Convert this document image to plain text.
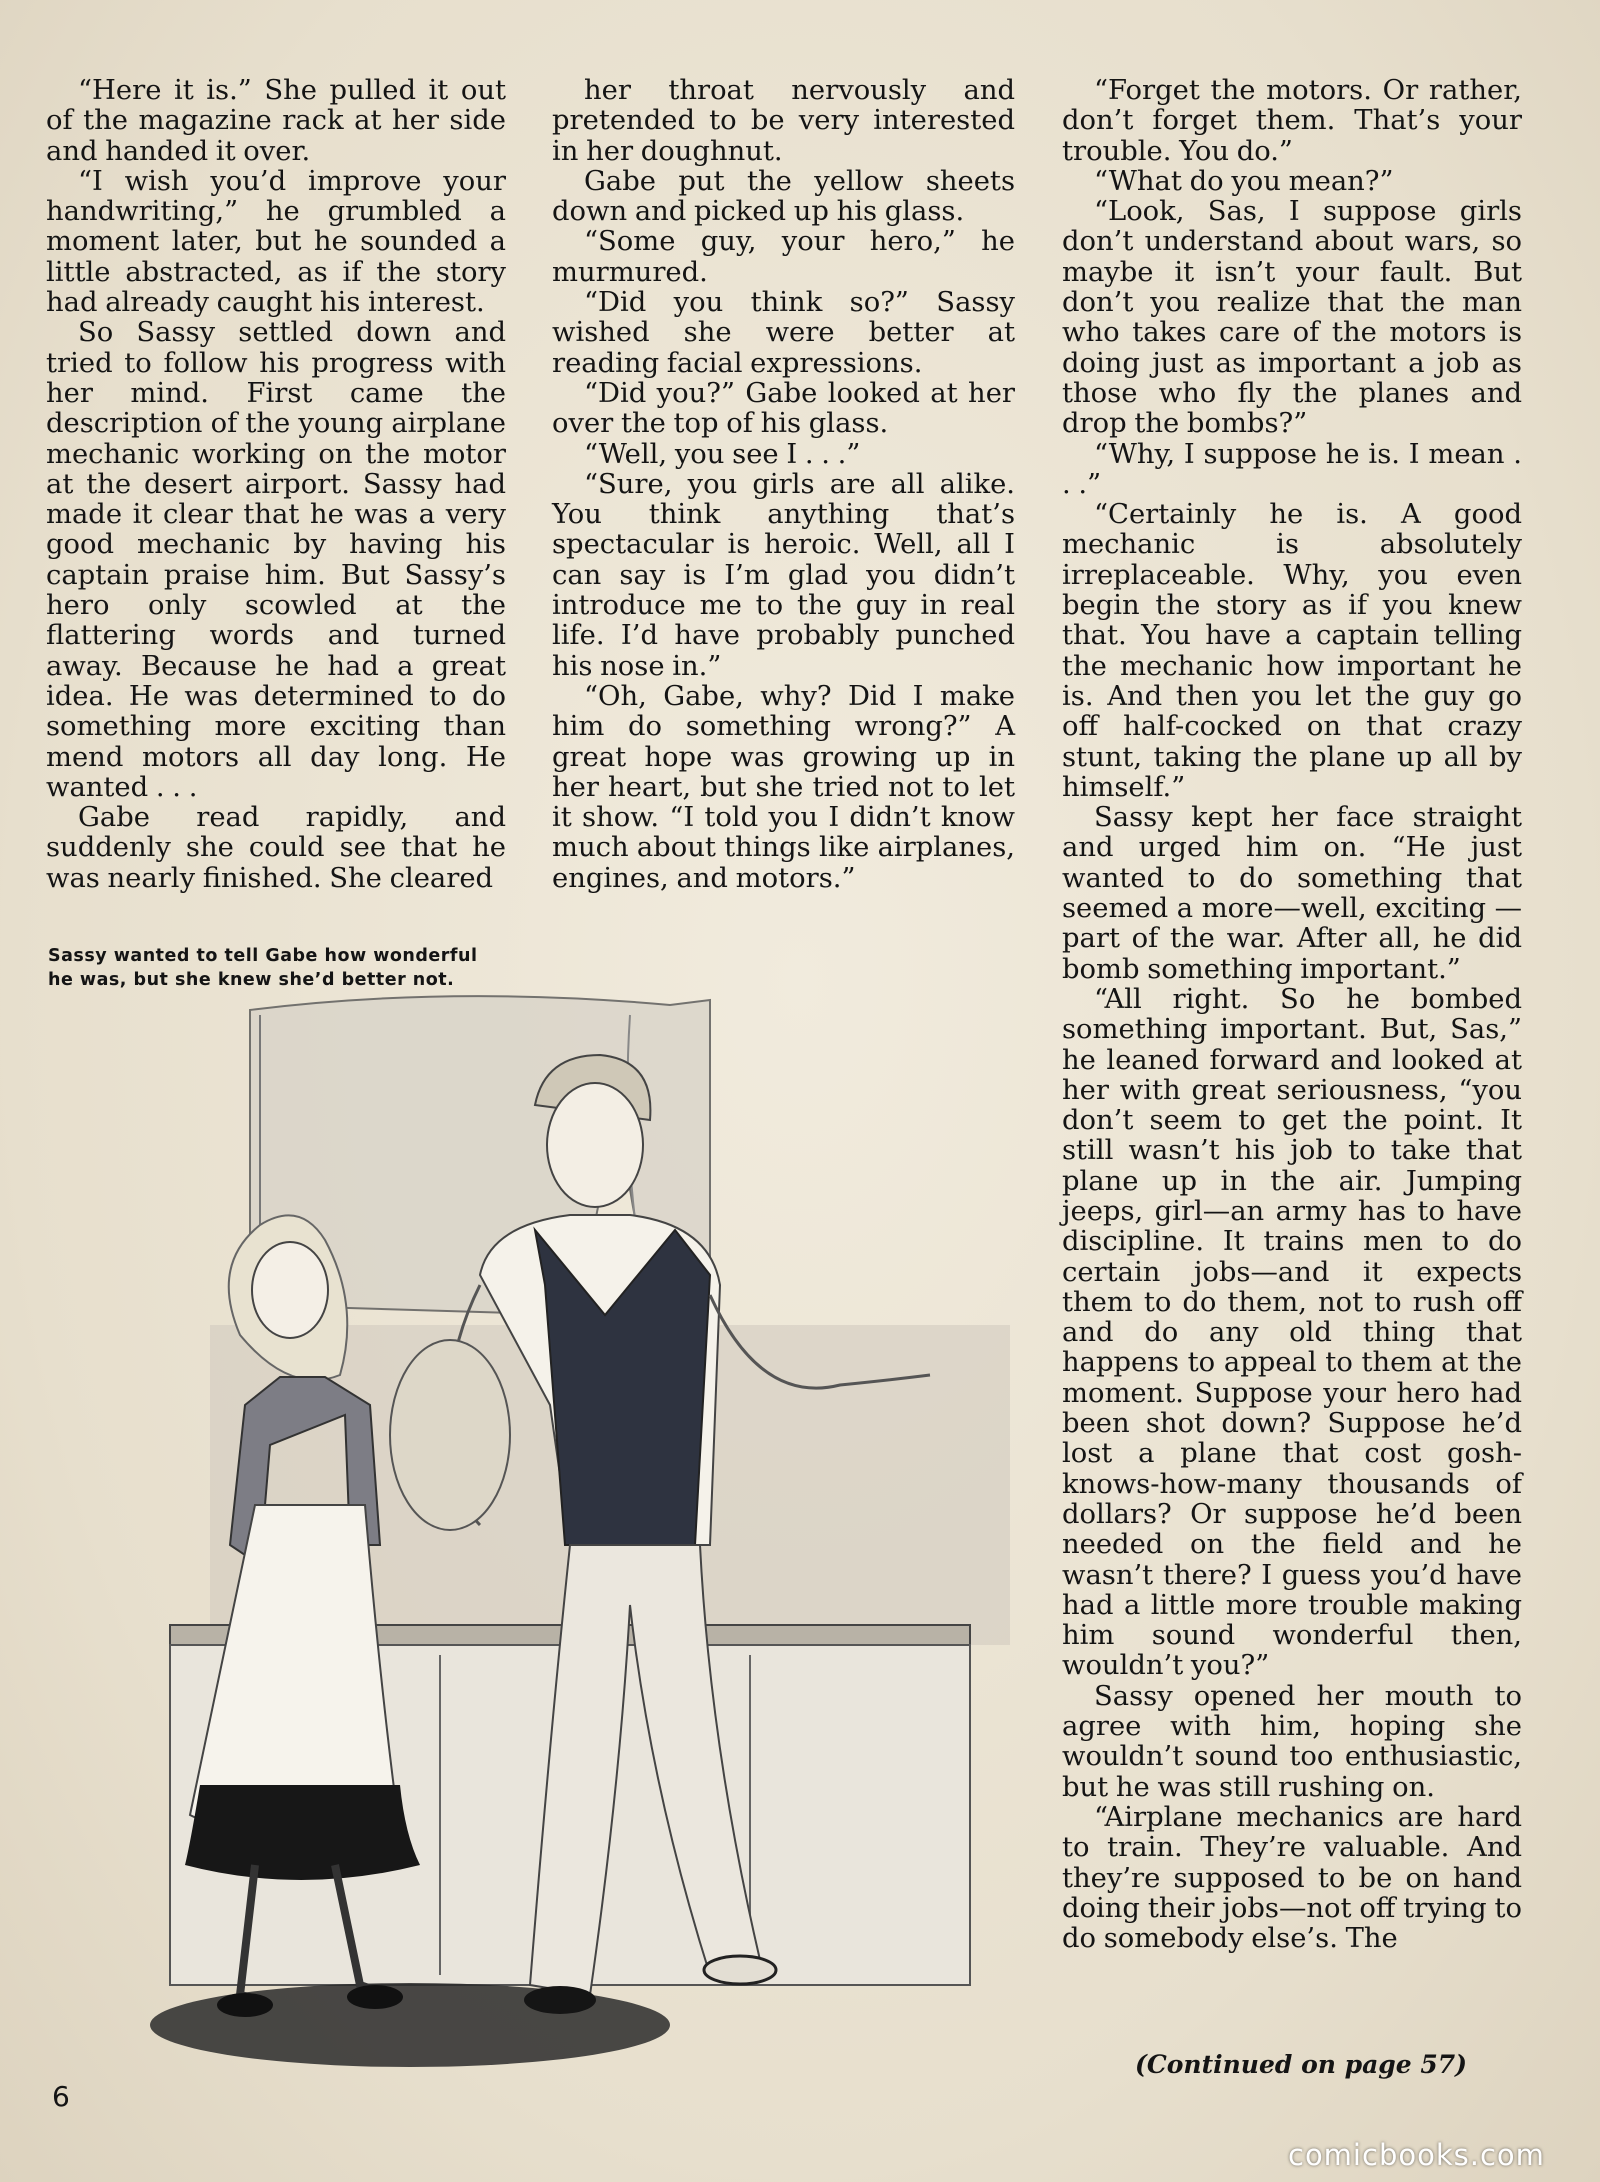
“Here it is.” She pulled it out of the magazine rack at her side and handed it over.

“I wish you’d improve your handwriting,” he grumbled a moment later, but he sounded a little abstracted, as if the story had already caught his interest.

So Sassy settled down and tried to follow his progress with her mind. First came the description of the young airplane mechanic working on the motor at the desert airport. Sassy had made it clear that he was a very good mechanic by having his captain praise him. But Sassy’s hero only scowled at the flattering words and turned away. Because he had a great idea. He was determined to do something more exciting than mend motors all day long. He wanted . . .

Gabe read rapidly, and suddenly she could see that he was nearly finished. She cleared

her throat nervously and pretended to be very interested in her doughnut.

Gabe put the yellow sheets down and picked up his glass.

“Some guy, your hero,” he murmured.

“Did you think so?” Sassy wished she were better at reading facial expressions.

“Did you?” Gabe looked at her over the top of his glass.

“Well, you see I . . .”

“Sure, you girls are all alike. You think anything that’s spectacular is heroic. Well, all I can say is I’m glad you didn’t introduce me to the guy in real life. I’d have probably punched his nose in.”

“Oh, Gabe, why? Did I make him do something wrong?” A great hope was growing up in her heart, but she tried not to let it show. “I told you I didn’t know much about things like airplanes, engines, and motors.”

“Forget the motors. Or rather, don’t forget them. That’s your trouble. You do.”

“What do you mean?”

“Look, Sas, I suppose girls don’t understand about wars, so maybe it isn’t your fault. But don’t you realize that the man who takes care of the motors is doing just as important a job as those who fly the planes and drop the bombs?”

“Why, I suppose he is. I mean . . .”

“Certainly he is. A good mechanic is absolutely irreplaceable. Why, you even begin the story as if you knew that. You have a captain telling the mechanic how important he is. And then you let the guy go off half-cocked on that crazy stunt, taking the plane up all by himself.”

Sassy kept her face straight and urged him on. “He just wanted to do something that seemed a more—well, exciting —part of the war. After all, he did bomb something important.”

“All right. So he bombed something important. But, Sas,” he leaned forward and looked at her with great seriousness, “you don’t seem to get the point. It still wasn’t his job to take that plane up in the air. Jumping jeeps, girl—an army has to have discipline. It trains men to do certain jobs—and it expects them to do them, not to rush off and do any old thing that happens to appeal to them at the moment. Suppose your hero had been shot down? Suppose he’d lost a plane that cost gosh-knows-how-many thousands of dollars? Or suppose he’d been needed on the field and he wasn’t there? I guess you’d have had a little more trouble making him sound wonderful then, wouldn’t you?”

Sassy opened her mouth to agree with him, hoping she wouldn’t sound too enthusiastic, but he was still rushing on.

“Airplane mechanics are hard to train. They’re valuable. And they’re supposed to be on hand doing their jobs—not off trying to do somebody else’s. The

Sassy wanted to tell Gabe how wonderful
he was, but she knew she’d better not.
(Continued on page 57)
6
comicbooks.com
